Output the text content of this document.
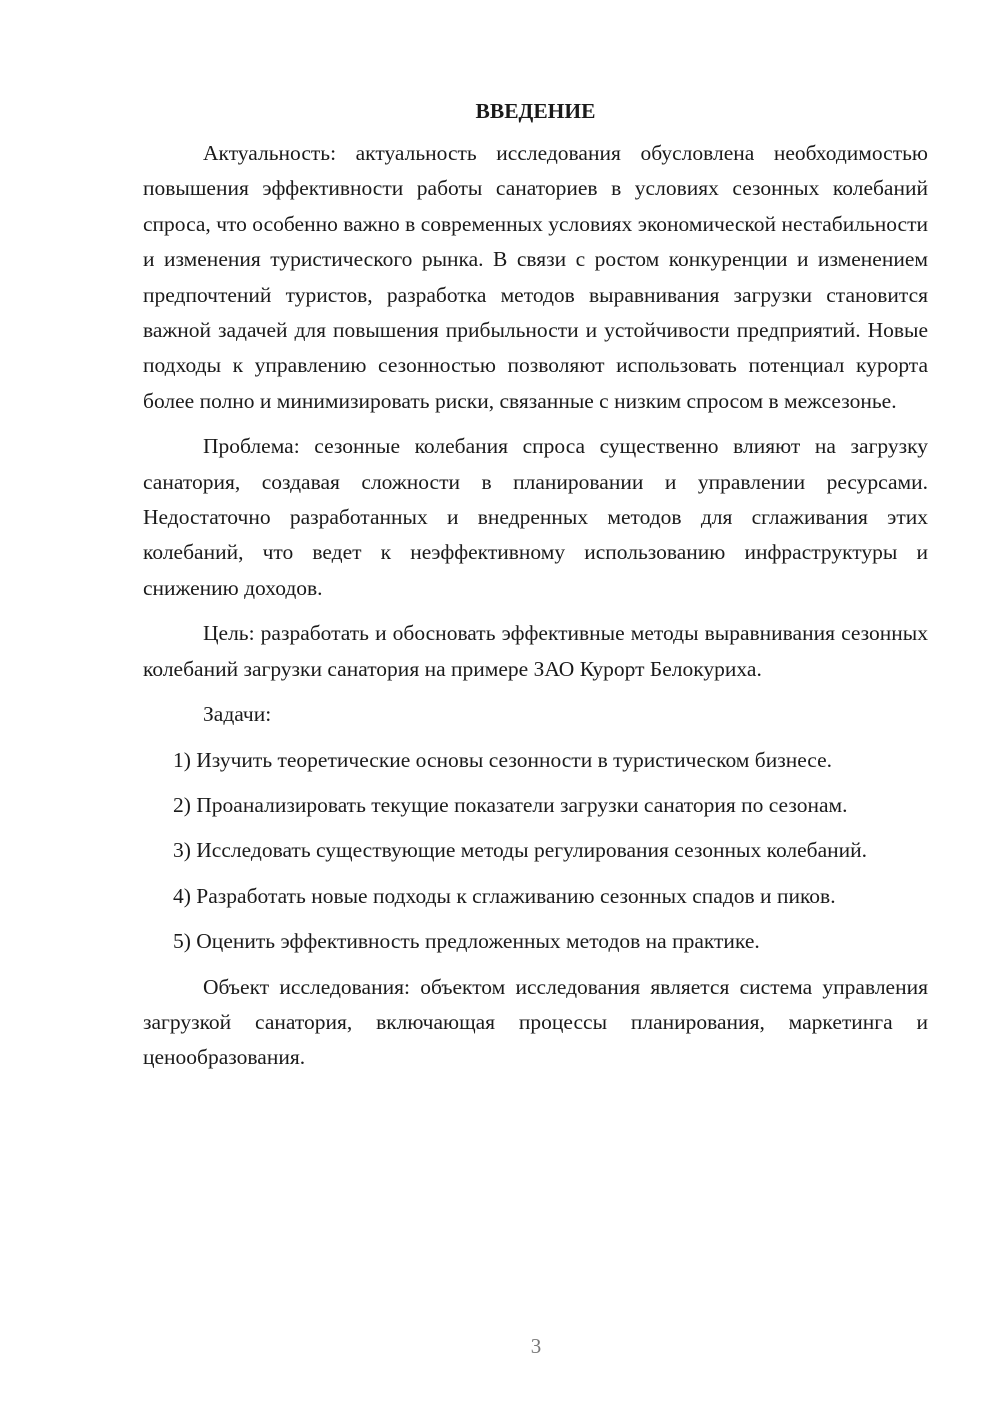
ВВЕДЕНИЕ

Актуальность: актуальность исследования обусловлена необходимостью повышения эффективности работы санаториев в условиях сезонных колебаний спроса, что особенно важно в современных условиях экономической нестабильности и изменения туристического рынка. В связи с ростом конкуренции и изменением предпочтений туристов, разработка методов выравнивания загрузки становится важной задачей для повышения прибыльности и устойчивости предприятий. Новые подходы к управлению сезонностью позволяют использовать потенциал курорта более полно и минимизировать риски, связанные с низким спросом в межсезонье.

Проблема: сезонные колебания спроса существенно влияют на загрузку санатория, создавая сложности в планировании и управлении ресурсами. Недостаточно разработанных и внедренных методов для сглаживания этих колебаний, что ведет к неэффективному использованию инфраструктуры и снижению доходов.

Цель: разработать и обосновать эффективные методы выравнивания сезонных колебаний загрузки санатория на примере ЗАО Курорт Белокуриха.

Задачи:

1) Изучить теоретические основы сезонности в туристическом бизнесе.

2) Проанализировать текущие показатели загрузки санатория по сезонам.

3) Исследовать существующие методы регулирования сезонных колебаний.

4) Разработать новые подходы к сглаживанию сезонных спадов и пиков.

5) Оценить эффективность предложенных методов на практике.

Объект исследования: объектом исследования является система управления загрузкой санатория, включающая процессы планирования, маркетинга и ценообразования.

3
